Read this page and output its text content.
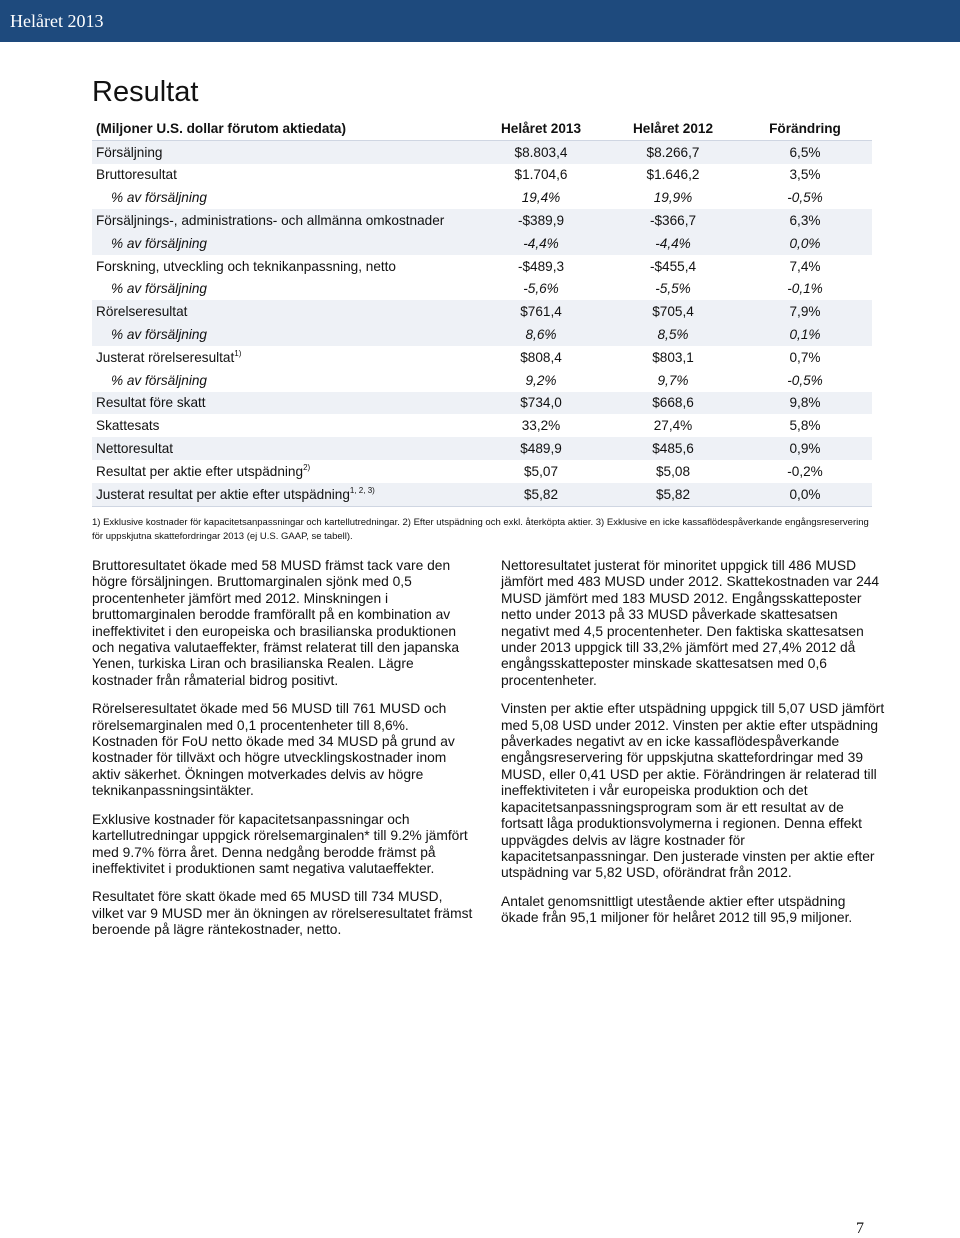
Helåret 2013
Resultat
(Miljoner U.S. dollar förutom aktiedata)	Helåret 2013	Helåret 2012	Förändring
Försäljning	$8.803,4	$8.266,7	6,5%
Bruttoresultat	$1.704,6	$1.646,2	3,5%
% av försäljning	19,4%	19,9%	-0,5%
Försäljnings-, administrations- och allmänna omkostnader	-$389,9	-$366,7	6,3%
% av försäljning	-4,4%	-4,4%	0,0%
Forskning, utveckling och teknikanpassning, netto	-$489,3	-$455,4	7,4%
% av försäljning	-5,6%	-5,5%	-0,1%
Rörelseresultat	$761,4	$705,4	7,9%
% av försäljning	8,6%	8,5%	0,1%
Justerat rörelseresultat$^{1)}$	$808,4	$803,1	0,7%
% av försäljning	9,2%	9,7%	-0,5%
Resultat före skatt	$734,0	$668,6	9,8%
Skattesats	33,2%	27,4%	5,8%
Nettoresultat	$489,9	$485,6	0,9%
Resultat per aktie efter utspädning$^{2)}$	$5,07	$5,08	-0,2%
Justerat resultat per aktie efter utspädning$^{1, 2, 3)}$	$5,82	$5,82	0,0%
1) Exklusive kostnader för kapacitetsanpassningar och kartellutredningar. 2) Efter utspädning och exkl. återköpta aktier. 3) Exklusive en icke kassaflödespåverkande engångsreservering för uppskjutna skattefordringar 2013 (ej U.S. GAAP, se tabell).

Bruttoresultatet ökade med 58 MUSD främst tack vare den högre försäljningen. Bruttomarginalen sjönk med 0,5 procentenheter jämfört med 2012. Minskningen i bruttomarginalen berodde framförallt på en kombination av ineffektivitet i den europeiska och brasilianska produktionen och negativa valutaeffekter, främst relaterat till den japanska Yenen, turkiska Liran och brasilianska Realen. Lägre kostnader från råmaterial bidrog positivt.

Rörelseresultatet ökade med 56 MUSD till 761 MUSD och rörelsemarginalen med 0,1 procentenheter till 8,6%. Kostnaden för FoU netto ökade med 34 MUSD på grund av kostnader för tillväxt och högre utvecklingskostnader inom aktiv säkerhet. Ökningen motverkades delvis av högre teknikanpassningsintäkter.

Exklusive kostnader för kapacitetsanpassningar och kartellutredningar uppgick rörelsemarginalen* till 9.2% jämfört med 9.7% förra året. Denna nedgång berodde främst på ineffektivitet i produktionen samt negativa valutaeffekter.

Resultatet före skatt ökade med 65 MUSD till 734 MUSD, vilket var 9 MUSD mer än ökningen av rörelseresultatet främst beroende på lägre räntekostnader, netto.

Nettoresultatet justerat för minoritet uppgick till 486 MUSD jämfört med 483 MUSD under 2012. Skattekostnaden var 244 MUSD jämfört med 183 MUSD 2012. Engångsskatteposter netto under 2013 på 33 MUSD påverkade skattesatsen negativt med 4,5 procentenheter. Den faktiska skattesatsen under 2013 uppgick till 33,2% jämfört med 27,4% 2012 då engångsskatteposter minskade skattesatsen med 0,6 procentenheter.

Vinsten per aktie efter utspädning uppgick till 5,07 USD jämfört med 5,08 USD under 2012. Vinsten per aktie efter utspädning påverkades negativt av en icke kassaflödespåverkande engångsreservering för uppskjutna skattefordringar med 39 MUSD, eller 0,41 USD per aktie. Förändringen är relaterad till ineffektiviteten i vår europeiska produktion och det kapacitetsanpassningsprogram som är ett resultat av de fortsatt låga produktionsvolymerna i regionen. Denna effekt uppvägdes delvis av lägre kostnader för kapacitetsanpassningar. Den justerade vinsten per aktie efter utspädning var 5,82 USD, oförändrat från 2012.

Antalet genomsnittligt utestående aktier efter utspädning ökade från 95,1 miljoner för helåret 2012 till 95,9 miljoner.

7
